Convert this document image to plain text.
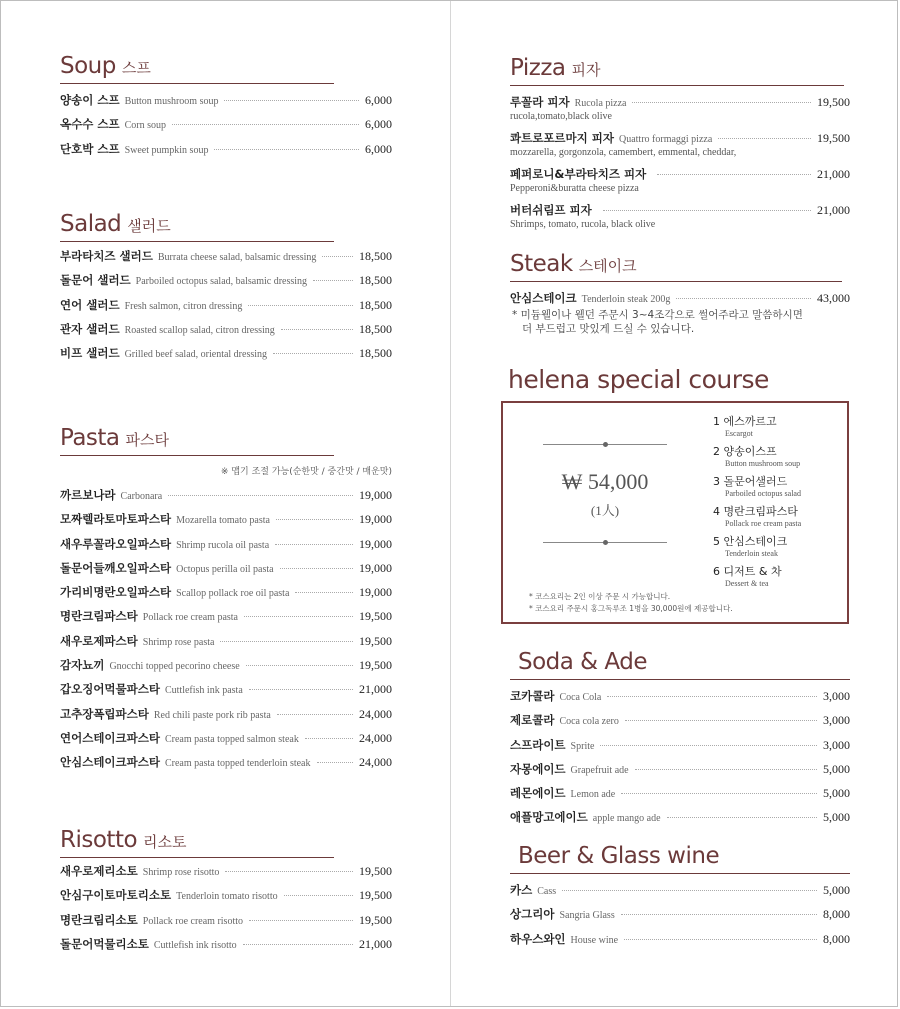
Soup 스프
양송이 스프 Button mushroom soup	6,000
옥수수 스프 Corn soup	6,000
단호박 스프 Sweet pumpkin soup	6,000
Salad 샐러드
부라타치즈 샐러드 Burrata cheese salad, balsamic dressing	18,500
돌문어 샐러드 Parboiled octopus salad, balsamic dressing	18,500
연어 샐러드 Fresh salmon, citron dressing	18,500
관자 샐러드 Roasted scallop salad, citron dressing	18,500
비프 샐러드 Grilled beef salad, oriental dressing	18,500
Pasta 파스타
※ 맵기 조절 가능(순한맛 / 중간맛 / 매운맛)
까르보나라 Carbonara	19,000
모짜렐라토마토파스타 Mozarella tomato pasta	19,000
새우루꼴라오일파스타 Shrimp rucola oil pasta	19,000
돌문어들깨오일파스타 Octopus perilla oil pasta	19,000
가리비명란오일파스타 Scallop pollack roe oil pasta	19,000
명란크림파스타 Pollack roe cream pasta	19,500
새우로제파스타 Shrimp rose pasta	19,500
감자뇨끼 Gnocchi topped pecorino cheese	19,500
갑오징어먹물파스타 Cuttlefish ink pasta	21,000
고추장폭립파스타 Red chili paste pork rib pasta	24,000
연어스테이크파스타 Cream pasta topped salmon steak	24,000
안심스테이크파스타 Cream pasta topped tenderloin steak	24,000
Risotto 리소토
새우로제리소토 Shrimp rose risotto	19,500
안심구이토마토리소토 Tenderloin tomato risotto	19,500
명란크림리소토 Pollack roe cream risotto	19,500
돌문어먹물리소토 Cuttlefish ink risotto	21,000
Pizza 피자
루꼴라 피자 Rucola pizza	19,500
rucola,tomato,black olive
콰트로포르마지 피자 Quattro formaggi pizza	19,500
mozzarella, gorgonzola, camembert, emmental, cheddar,
페퍼로니&부라타치즈 피자	21,000
Pepperoni&buratta cheese pizza
버터쉬림프 피자	21,000
Shrimps, tomato, rucola, black olive
Steak 스테이크
안심스테이크 Tenderloin steak 200g	43,000
* 미듐웰이나 웰던 주문시 3~4조각으로 썰어주라고 말씀하시면
더 부드럽고 맛있게 드실 수 있습니다.
helena special course
₩ 54,000
(1人)
1 에스까르고
Escargot
2 양송이스프
Button mushroom soup
3 돌문어샐러드
Parboiled octopus salad
4 명란크림파스타
Pollack roe cream pasta
5 안심스테이크
Tenderloin steak
6 디저트 & 차
Dessert & tea
* 코스요리는 2인 이상 주문 시 가능합니다.
* 코스요리 주문시 홍그독루조 1병을 30,000원에 제공합니다.
Soda & Ade
코카콜라 Coca Cola	3,000
제로콜라 Coca cola zero	3,000
스프라이트 Sprite	3,000
자몽에이드 Grapefruit ade	5,000
레몬에이드 Lemon ade	5,000
애플망고에이드 apple mango ade	5,000
Beer & Glass wine
카스 Cass	5,000
상그리아 Sangria Glass	8,000
하우스와인 House wine	8,000
